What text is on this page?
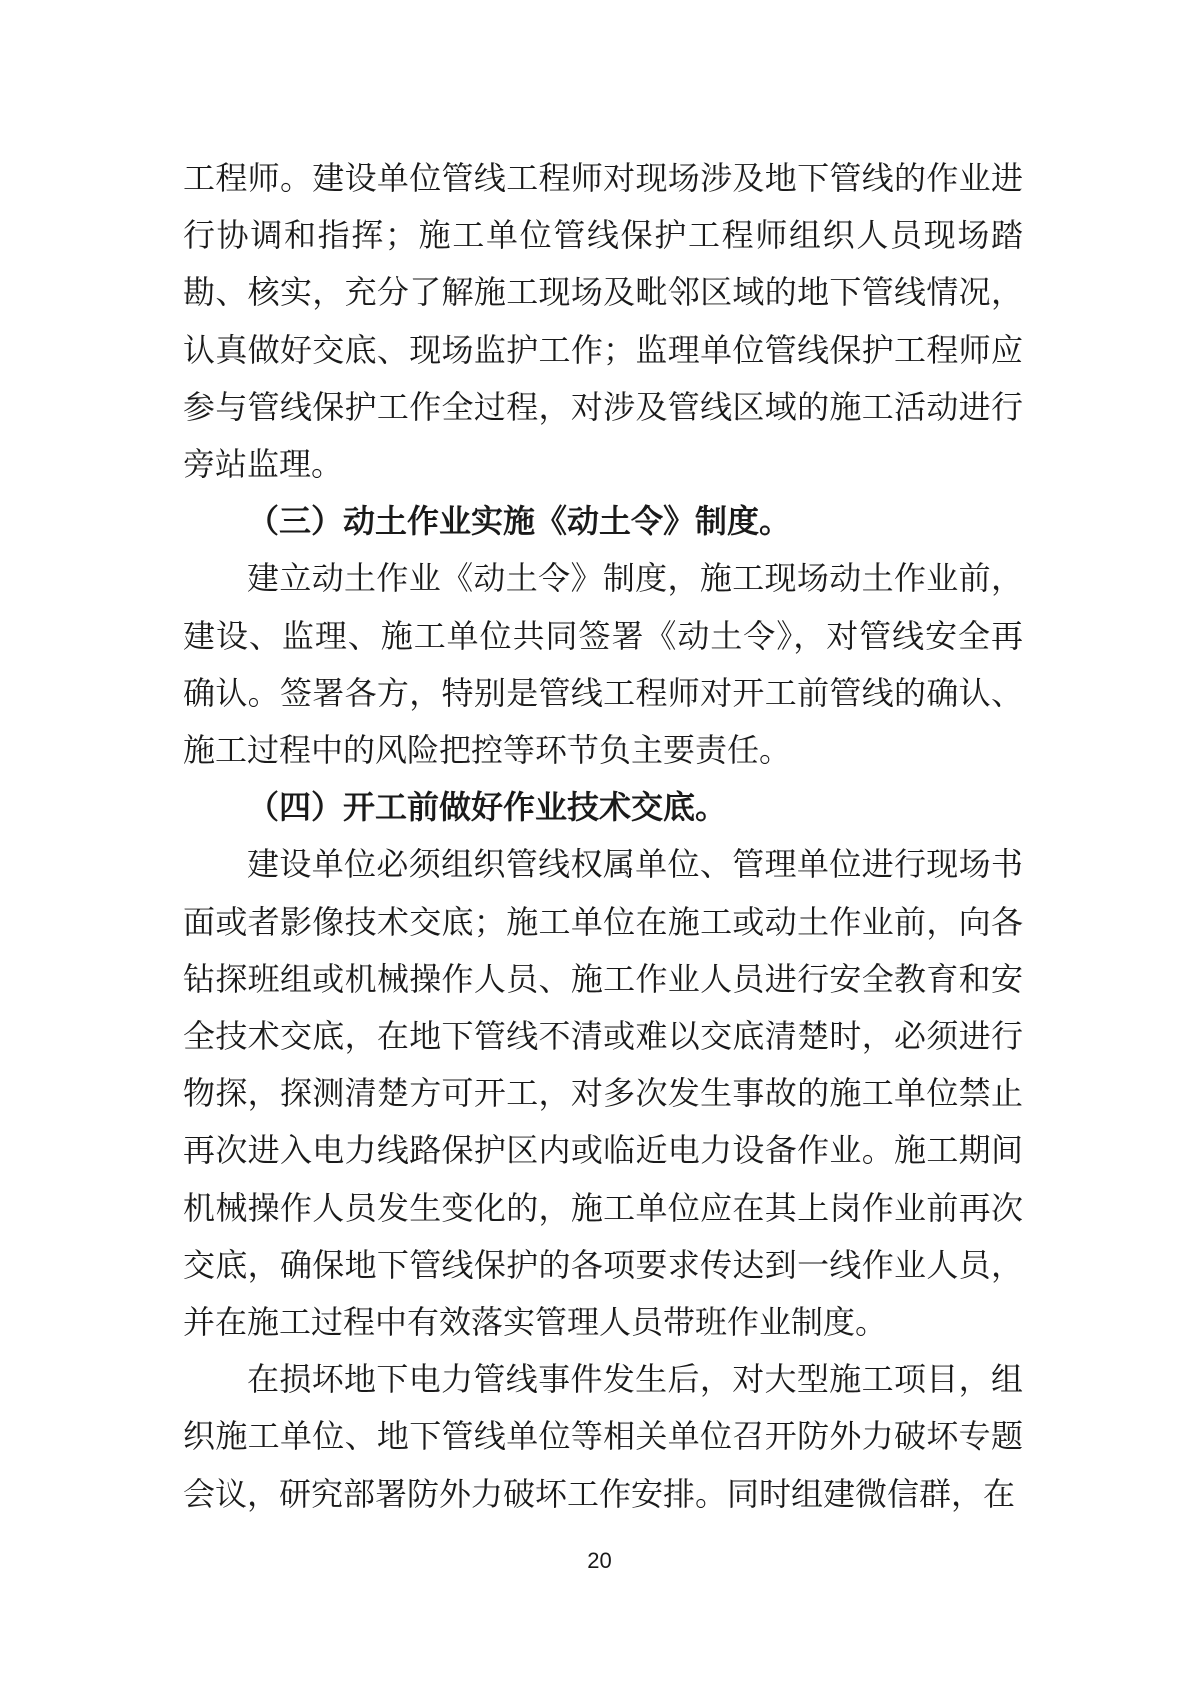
工程师。建设单位管线工程师对现场涉及地下管线的作业进行协调和指挥；施工单位管线保护工程师组织人员现场踏勘、核实，充分了解施工现场及毗邻区域的地下管线情况，认真做好交底、现场监护工作；监理单位管线保护工程师应参与管线保护工作全过程，对涉及管线区域的施工活动进行旁站监理。

（三）动土作业实施《动土令》制度。

建立动土作业《动土令》制度，施工现场动土作业前，建设、监理、施工单位共同签署《动土令》，对管线安全再确认。签署各方，特别是管线工程师对开工前管线的确认、施工过程中的风险把控等环节负主要责任。

（四）开工前做好作业技术交底。

建设单位必须组织管线权属单位、管理单位进行现场书面或者影像技术交底；施工单位在施工或动土作业前，向各钻探班组或机械操作人员、施工作业人员进行安全教育和安全技术交底，在地下管线不清或难以交底清楚时，必须进行物探，探测清楚方可开工，对多次发生事故的施工单位禁止再次进入电力线路保护区内或临近电力设备作业。施工期间机械操作人员发生变化的，施工单位应在其上岗作业前再次交底，确保地下管线保护的各项要求传达到一线作业人员，并在施工过程中有效落实管理人员带班作业制度。

在损坏地下电力管线事件发生后，对大型施工项目，组织施工单位、地下管线单位等相关单位召开防外力破坏专题会议，研究部署防外力破坏工作安排。同时组建微信群，在

20
